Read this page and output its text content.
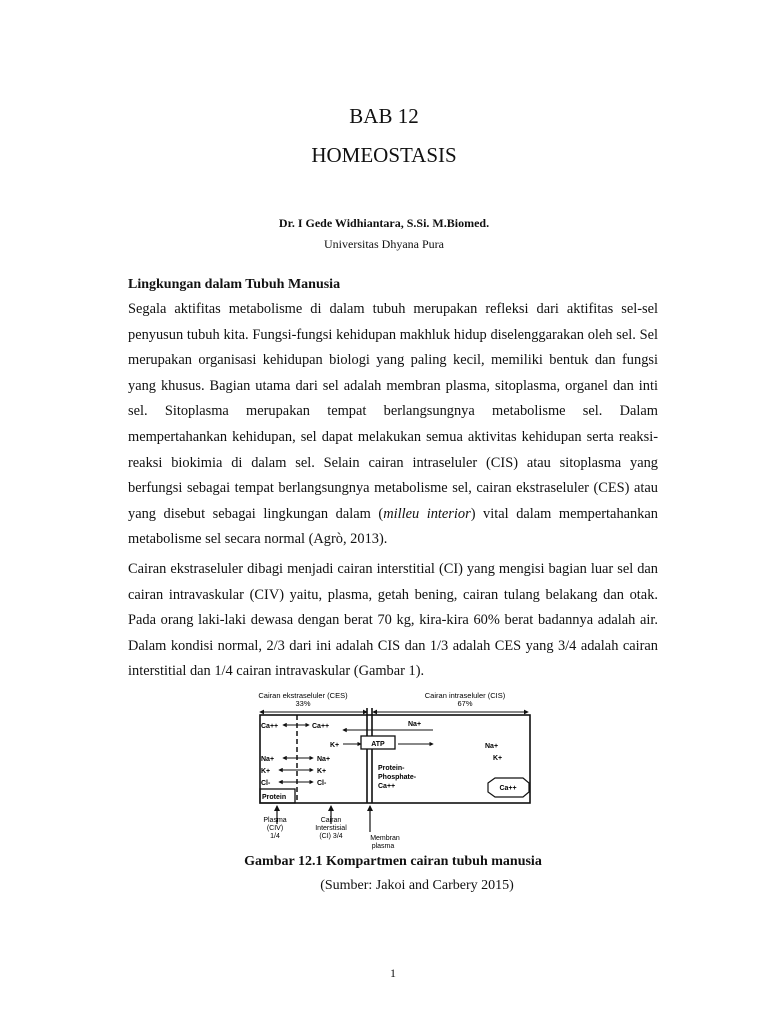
BAB 12
HOMEOSTASIS
Dr. I Gede Widhiantara, S.Si. M.Biomed.
Universitas Dhyana Pura
Lingkungan dalam Tubuh Manusia

Segala aktifitas metabolisme di dalam tubuh merupakan refleksi dari aktifitas sel-sel penyusun tubuh kita. Fungsi-fungsi kehidupan makhluk hidup diselenggarakan oleh sel. Sel merupakan organisasi kehidupan biologi yang paling kecil, memiliki bentuk dan fungsi yang khusus. Bagian utama dari sel adalah membran plasma, sitoplasma, organel dan inti sel. Sitoplasma merupakan tempat berlangsungnya metabolisme sel. Dalam mempertahankan kehidupan, sel dapat melakukan semua aktivitas kehidupan serta reaksi-reaksi biokimia di dalam sel. Selain cairan intraseluler (CIS) atau sitoplasma yang berfungsi sebagai tempat berlangsungnya metabolisme sel, cairan ekstraseluler (CES) atau yang disebut sebagai lingkungan dalam (milleu interior) vital dalam mempertahankan metabolisme sel secara normal (Agrò, 2013).

Cairan ekstraseluler dibagi menjadi cairan interstitial (CI) yang mengisi bagian luar sel dan cairan intravaskular (CIV) yaitu, plasma, getah bening, cairan tulang belakang dan otak. Pada orang laki-laki dewasa dengan berat 70 kg, kira-kira 60% berat badannya adalah air. Dalam kondisi normal, 2/3 dari ini adalah CIS dan 1/3 adalah CES yang 3/4 adalah cairan interstitial dan 1/4 cairan intravaskular (Gambar 1).

Cairan ekstraseluler (CES)
33%
Cairan intraseluler (CIS)
67%
Ca++
Na+
K+
Cl-
Protein
Ca++
K+
Na+
K+
Cl-
ATP
Na+
Protein-
Phosphate-
Ca++
Na+
K+
Ca++
Plasma
(CIV)
1/4
Cairan
Interstisial
(CI) 3/4	Membran
plasma
Gambar 12.1 Kompartmen cairan tubuh manusia
(Sumber: Jakoi and Carbery 2015)
1
